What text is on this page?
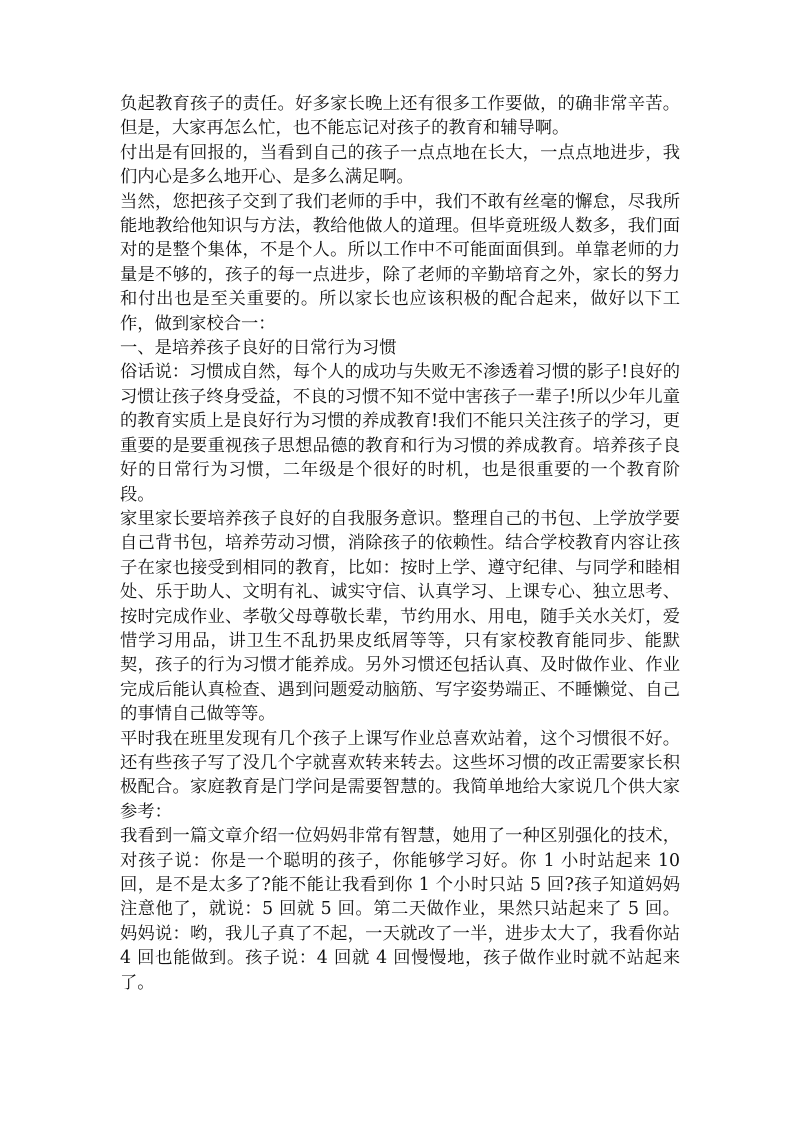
负起教育孩子的责任。好多家长晚上还有很多工作要做，的确非常辛苦。但是，大家再怎么忙，也不能忘记对孩子的教育和辅导啊。

付出是有回报的，当看到自己的孩子一点点地在长大，一点点地进步，我们内心是多么地开心、是多么满足啊。

当然，您把孩子交到了我们老师的手中，我们不敢有丝毫的懈怠，尽我所能地教给他知识与方法，教给他做人的道理。但毕竟班级人数多，我们面对的是整个集体，不是个人。所以工作中不可能面面俱到。单靠老师的力量是不够的，孩子的每一点进步，除了老师的辛勤培育之外，家长的努力和付出也是至关重要的。所以家长也应该积极的配合起来，做好以下工作，做到家校合一：

一、是培养孩子良好的日常行为习惯

俗话说：习惯成自然，每个人的成功与失败无不渗透着习惯的影子!良好的习惯让孩子终身受益，不良的习惯不知不觉中害孩子一辈子!所以少年儿童的教育实质上是良好行为习惯的养成教育!我们不能只关注孩子的学习，更重要的是要重视孩子思想品德的教育和行为习惯的养成教育。培养孩子良好的日常行为习惯，二年级是个很好的时机，也是很重要的一个教育阶段。

家里家长要培养孩子良好的自我服务意识。整理自己的书包、上学放学要自己背书包，培养劳动习惯，消除孩子的依赖性。结合学校教育内容让孩子在家也接受到相同的教育，比如：按时上学、遵守纪律、与同学和睦相处、乐于助人、文明有礼、诚实守信、认真学习、上课专心、独立思考、按时完成作业、孝敬父母尊敬长辈，节约用水、用电，随手关水关灯，爱惜学习用品，讲卫生不乱扔果皮纸屑等等，只有家校教育能同步、能默契，孩子的行为习惯才能养成。另外习惯还包括认真、及时做作业、作业完成后能认真检查、遇到问题爱动脑筋、写字姿势端正、不睡懒觉、自己的事情自己做等等。

平时我在班里发现有几个孩子上课写作业总喜欢站着，这个习惯很不好。还有些孩子写了没几个字就喜欢转来转去。这些坏习惯的改正需要家长积极配合。家庭教育是门学问是需要智慧的。我简单地给大家说几个供大家参考：

我看到一篇文章介绍一位妈妈非常有智慧，她用了一种区别强化的技术，对孩子说：你是一个聪明的孩子，你能够学习好。你 1 小时站起来 10 回，是不是太多了?能不能让我看到你 1 个小时只站 5 回?孩子知道妈妈注意他了，就说：5 回就 5 回。第二天做作业，果然只站起来了 5 回。妈妈说：哟，我儿子真了不起，一天就改了一半，进步太大了，我看你站 4 回也能做到。孩子说：4 回就 4 回慢慢地，孩子做作业时就不站起来了。
